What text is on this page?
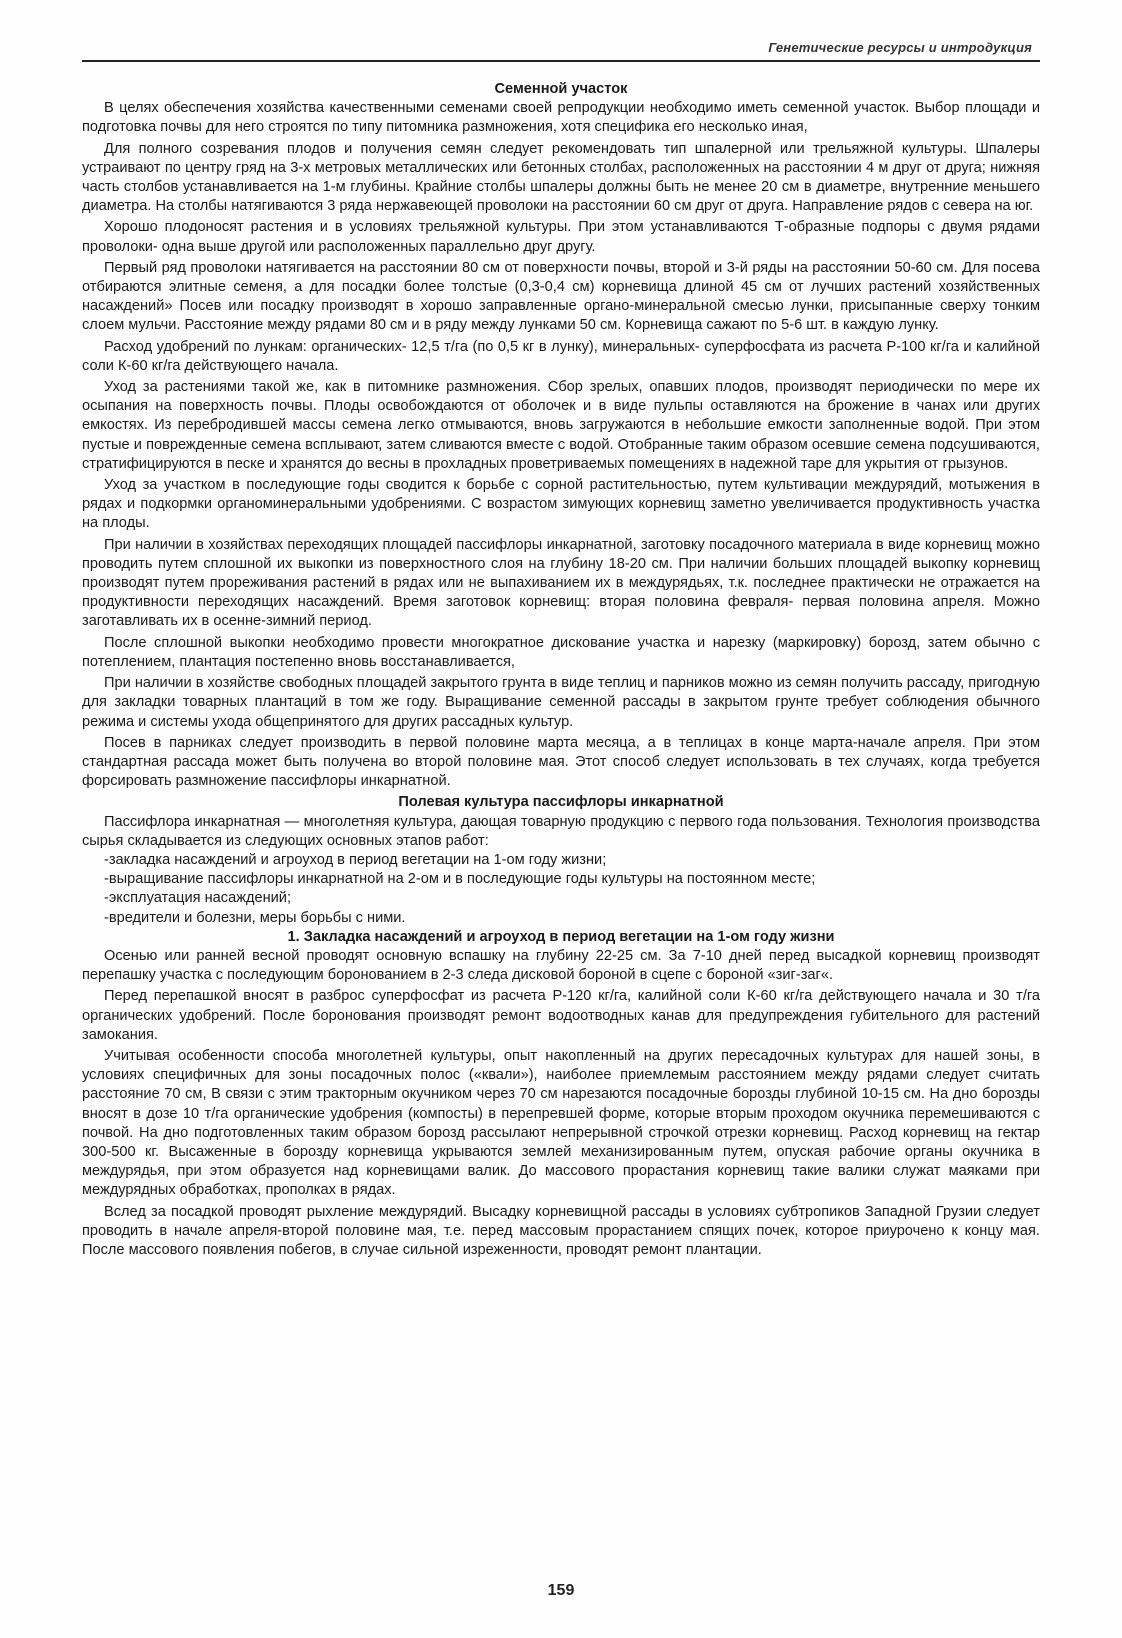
Генетические ресурсы и интродукция

Семенной участок

В целях обеспечения хозяйства качественными семенами своей репродукции необходимо иметь семенной участок. Выбор площади и подготовка почвы для него строятся по типу питомника размножения, хотя специфика его несколько иная,

Для полного созревания плодов и получения семян следует рекомендовать тип шпалерной или трельяжной культуры. Шпалеры устраивают по центру гряд на 3-х метровых металлических или бетонных столбах, расположенных на расстоянии 4 м друг от друга; нижняя часть столбов устанавливается на 1-м глубины. Крайние столбы шпалеры должны быть не менее 20 см в диаметре, внутренние меньшего диаметра. На столбы натягиваются 3 ряда нержавеющей проволоки на расстоянии 60 см друг от друга. Направление рядов с севера на юг.

Хорошо плодоносят растения и в условиях трельяжной культуры. При этом устанавливаются Т-образные подпоры с двумя рядами проволоки- одна выше другой или расположенных параллельно друг другу.

Первый ряд проволоки натягивается на расстоянии 80 см от поверхности почвы, второй и 3-й ряды на расстоянии 50-60 см. Для посева отбираются элитные семеня, а для посадки более толстые (0,3-0,4 см) корневища длиной 45 см от лучших растений хозяйственных насаждений» Посев или посадку производят в хорошо заправленные органо-минеральной смесью лунки, присыпанные сверху тонким слоем мульчи. Расстояние между рядами 80 см и в ряду между лунками 50 см. Корневища сажают по 5-6 шт. в каждую лунку.

Расход удобрений по лункам: органических- 12,5 т/га (по 0,5 кг в лунку), минеральных- суперфосфата из расчета Р-100 кг/га и калийной соли К-60 кг/га действующего начала.

Уход за растениями такой же, как в питомнике размножения. Сбор зрелых, опавших плодов, производят периодически по мере их осыпания на поверхность почвы. Плоды освобождаются от оболочек и в виде пульпы оставляются на брожение в чанах или других емкостях. Из перебродившей массы семена легко отмываются, вновь загружаются в небольшие емкости заполненные водой. При этом пустые и поврежденные семена всплывают, затем сливаются вместе с водой. Отобранные таким образом осевшие семена подсушиваются, стратифицируются в песке и хранятся до весны в прохладных проветриваемых помещениях в надежной таре для укрытия от грызунов.

Уход за участком в последующие годы сводится к борьбе с сорной растительностью, путем культивации междурядий, мотыжения в рядах и подкормки органоминеральными удобрениями. С возрастом зимующих корневищ заметно увеличивается продуктивность участка на плоды.

При наличии в хозяйствах переходящих площадей пассифлоры инкарнатной, заготовку посадочного материала в виде корневищ можно проводить путем сплошной их выкопки из поверхностного слоя на глубину 18-20 см. При наличии больших площадей выкопку корневищ производят путем прореживания растений в рядах или не выпахиванием их в междурядьях, т.к. последнее практически не отражается на продуктивности переходящих насаждений. Время заготовок корневищ: вторая половина февраля- первая половина апреля. Можно заготавливать их в осенне-зимний период.

После сплошной выкопки необходимо провести многократное дискование участка и нарезку (маркировку) борозд, затем обычно с потеплением, плантация постепенно вновь восстанавливается,

При наличии в хозяйстве свободных площадей закрытого грунта в виде теплиц и парников можно из семян получить рассаду, пригодную для закладки товарных плантаций в том же году. Выращивание семенной рассады в закрытом грунте требует соблюдения обычного режима и системы ухода общепринятого для других рассадных культур.

Посев в парниках следует производить в первой половине марта месяца, а в теплицах в конце марта-начале апреля. При этом стандартная рассада может быть получена во второй половине мая. Этот способ следует использовать в тех случаях, когда требуется форсировать размножение пассифлоры инкарнатной.

Полевая культура пассифлоры инкарнатной

Пассифлора инкарнатная — многолетняя культура, дающая товарную продукцию с первого года пользования. Технология производства сырья складывается из следующих основных этапов работ:

-закладка насаждений и агроуход в период вегетации на 1-ом году жизни;

-выращивание пассифлоры инкарнатной на 2-ом и в последующие годы культуры на постоянном месте;

-эксплуатация насаждений;

-вредители и болезни, меры борьбы с ними.

1. Закладка насаждений и агроуход в период вегетации на 1-ом году жизни

Осенью или ранней весной проводят основную вспашку на глубину 22-25 см. За 7-10 дней перед высадкой корневищ производят перепашку участка с последующим боронованием в 2-3 следа дисковой бороной в сцепе с бороной «зиг-заг«.

Перед перепашкой вносят в разброс суперфосфат из расчета Р-120 кг/га, калийной соли К-60 кг/га действующего начала и 30 т/га органических удобрений. После боронования производят ремонт водоотводных канав для предупреждения губительного для растений замокания.

Учитывая особенности способа многолетней культуры, опыт накопленный на других пересадочных культурах для нашей зоны, в условиях специфичных для зоны посадочных полос («квали»), наиболее приемлемым расстоянием между рядами следует считать расстояние 70 см, В связи с этим тракторным окучником через 70 см нарезаются посадочные борозды глубиной 10-15 см. На дно борозды вносят в дозе 10 т/га органические удобрения (компосты) в перепревшей форме, которые вторым проходом окучника перемешиваются с почвой. На дно подготовленных таким образом борозд рассылают непрерывной строчкой отрезки корневищ. Расход корневищ на гектар 300-500 кг. Высаженные в борозду корневища укрываются землей механизированным путем, опуская рабочие органы окучника в междурядья, при этом образуется над корневищами валик. До массового прорастания корневищ такие валики служат маяками при междурядных обработках, прополках в рядах.

Вслед за посадкой проводят рыхление междурядий. Высадку корневищной рассады в условиях субтропиков Западной Грузии следует проводить в начале апреля-второй половине мая, т.е. перед массовым прорастанием спящих почек, которое приурочено к концу мая. После массового появления побегов, в случае сильной изреженности, проводят ремонт плантации.

159
